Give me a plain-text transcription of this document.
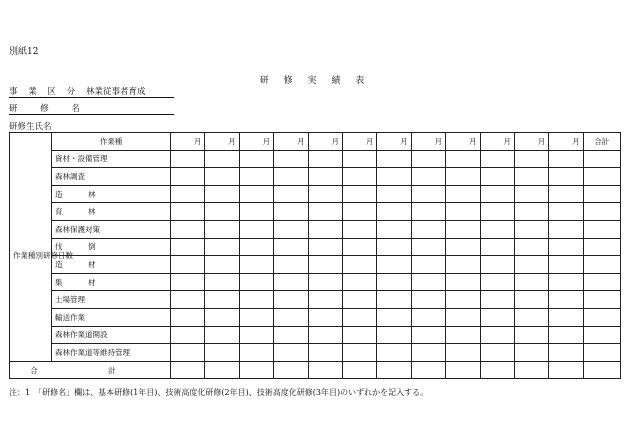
別紙12
研 修 実 績 表
事 業 区 分 林業従事者育成
研 修 名
研修生氏名
	作業種	月	月	月	月	月	月	月	月	月	月	月	月	合計
作業種別研修日数	資材・設備管理													
	森林調査													
	造　林													
	育　林													
	森林保護対策													
	伐　倒													
	造　材													
	集　材													
	土場管理													
	輸送作業													
	森林作業道開設													
	森林作業道等維持管理													
合 計														
注：1　「研修名」欄は、基本研修(1年目)、技術高度化研修(2年目)、技術高度化研修(3年目)のいずれかを記入する。
